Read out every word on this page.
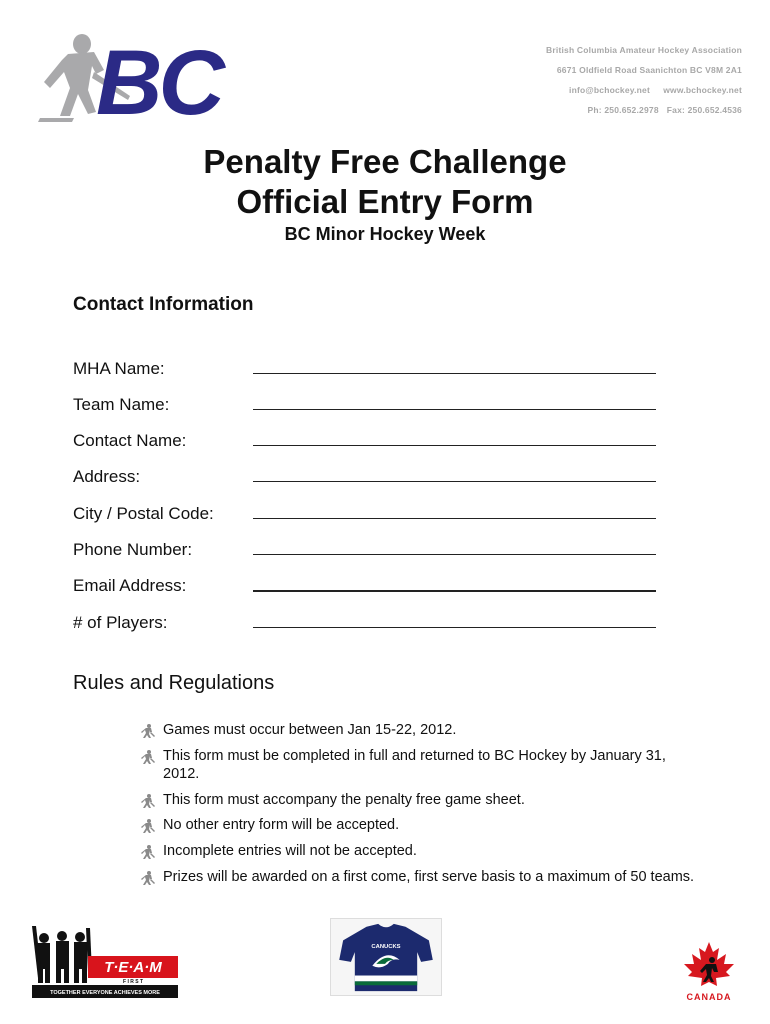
BC	British Columbia Amateur Hockey Association
6671 Oldfield Road Saanichton BC V8M 2A1
info@bchockey.net www.bchockey.net
Ph: 250.652.2978 Fax: 250.652.4536
Penalty Free Challenge
Official Entry Form
BC Minor Hockey Week
Contact Information
MHA Name:
Team Name:
Contact Name:
Address:
City / Postal Code:
Phone Number:
Email Address:
# of Players:
Rules and Regulations
Games must occur between Jan 15-22, 2012.
This form must be completed in full and returned to BC Hockey by January 31, 2012.
This form must accompany the penalty free game sheet.
No other entry form will be accepted.
Incomplete entries will not be accepted.
Prizes will be awarded on a first come, first serve basis to a maximum of 50 teams.
T·E·A·M
F I R S T
TOGETHER EVERYONE ACHIEVES MORE
CANUCKS
CANADA
